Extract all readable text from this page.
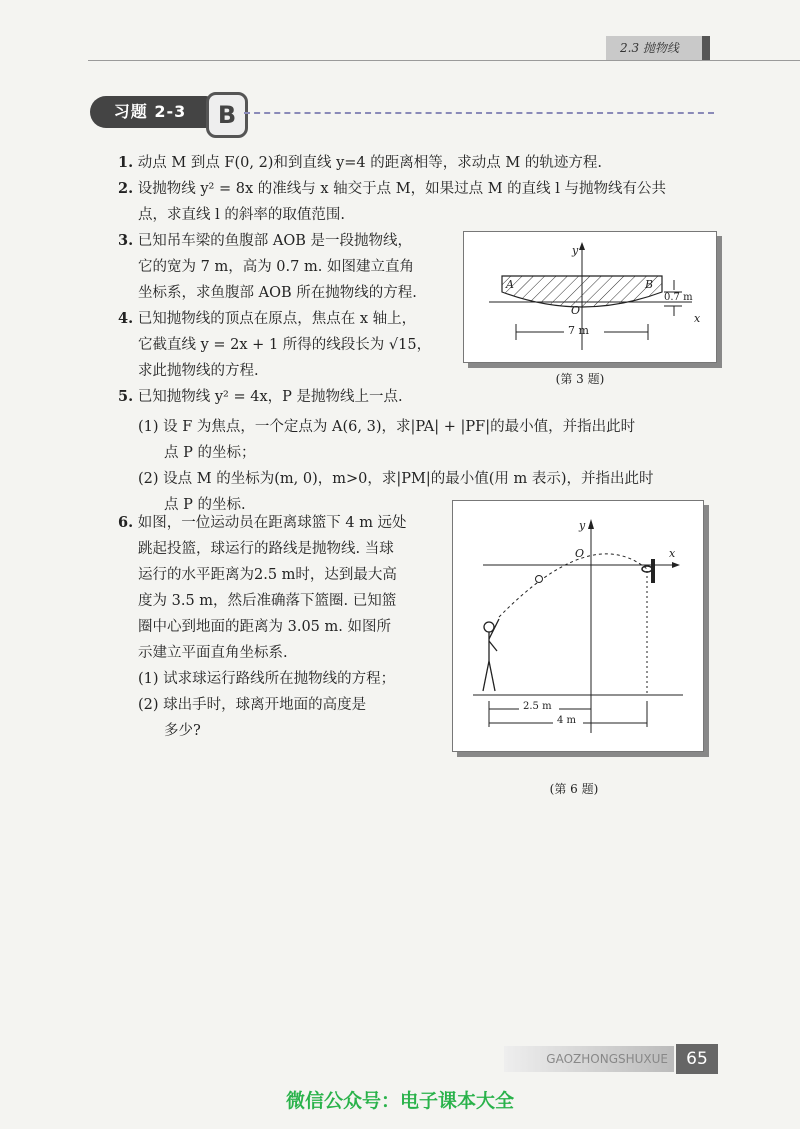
2.3 抛物线
习题 2-3	B
1. 动点 M 到点 F(0, 2)和到直线 y=4 的距离相等，求动点 M 的轨迹方程.
2. 设抛物线 y² = 8x 的准线与 x 轴交于点 M，如果过点 M 的直线 l 与抛物线有公共
点，求直线 l 的斜率的取值范围.
3. 已知吊车梁的鱼腹部 AOB 是一段抛物线，
它的宽为 7 m，高为 0.7 m. 如图建立直角
坐标系，求鱼腹部 AOB 所在抛物线的方程.
4. 已知抛物线的顶点在原点，焦点在 x 轴上，
它截直线 y = 2x + 1 所得的线段长为 √15，
求此抛物线的方程.
y
x
A	B
O
0.7 m
7 m
(第 3 题)
5. 已知抛物线 y² = 4x，P 是抛物线上一点.
(1) 设 F 为焦点，一个定点为 A(6, 3)，求|PA| + |PF|的最小值，并指出此时
点 P 的坐标；
(2) 设点 M 的坐标为(m, 0)，m>0，求|PM|的最小值(用 m 表示)，并指出此时
点 P 的坐标.
6. 如图，一位运动员在距离球篮下 4 m 远处
跳起投篮，球运行的路线是抛物线. 当球
运行的水平距离为2.5 m时，达到最大高
度为 3.5 m，然后准确落下篮圈. 已知篮
圈中心到地面的距离为 3.05 m. 如图所
示建立平面直角坐标系.
(1) 试求球运行路线所在抛物线的方程；
(2) 球出手时，球离开地面的高度是
多少?
y
x
O
2.5 m
4 m
(第 6 题)
GAOZHONGSHUXUE	65
微信公众号：电子课本大全
